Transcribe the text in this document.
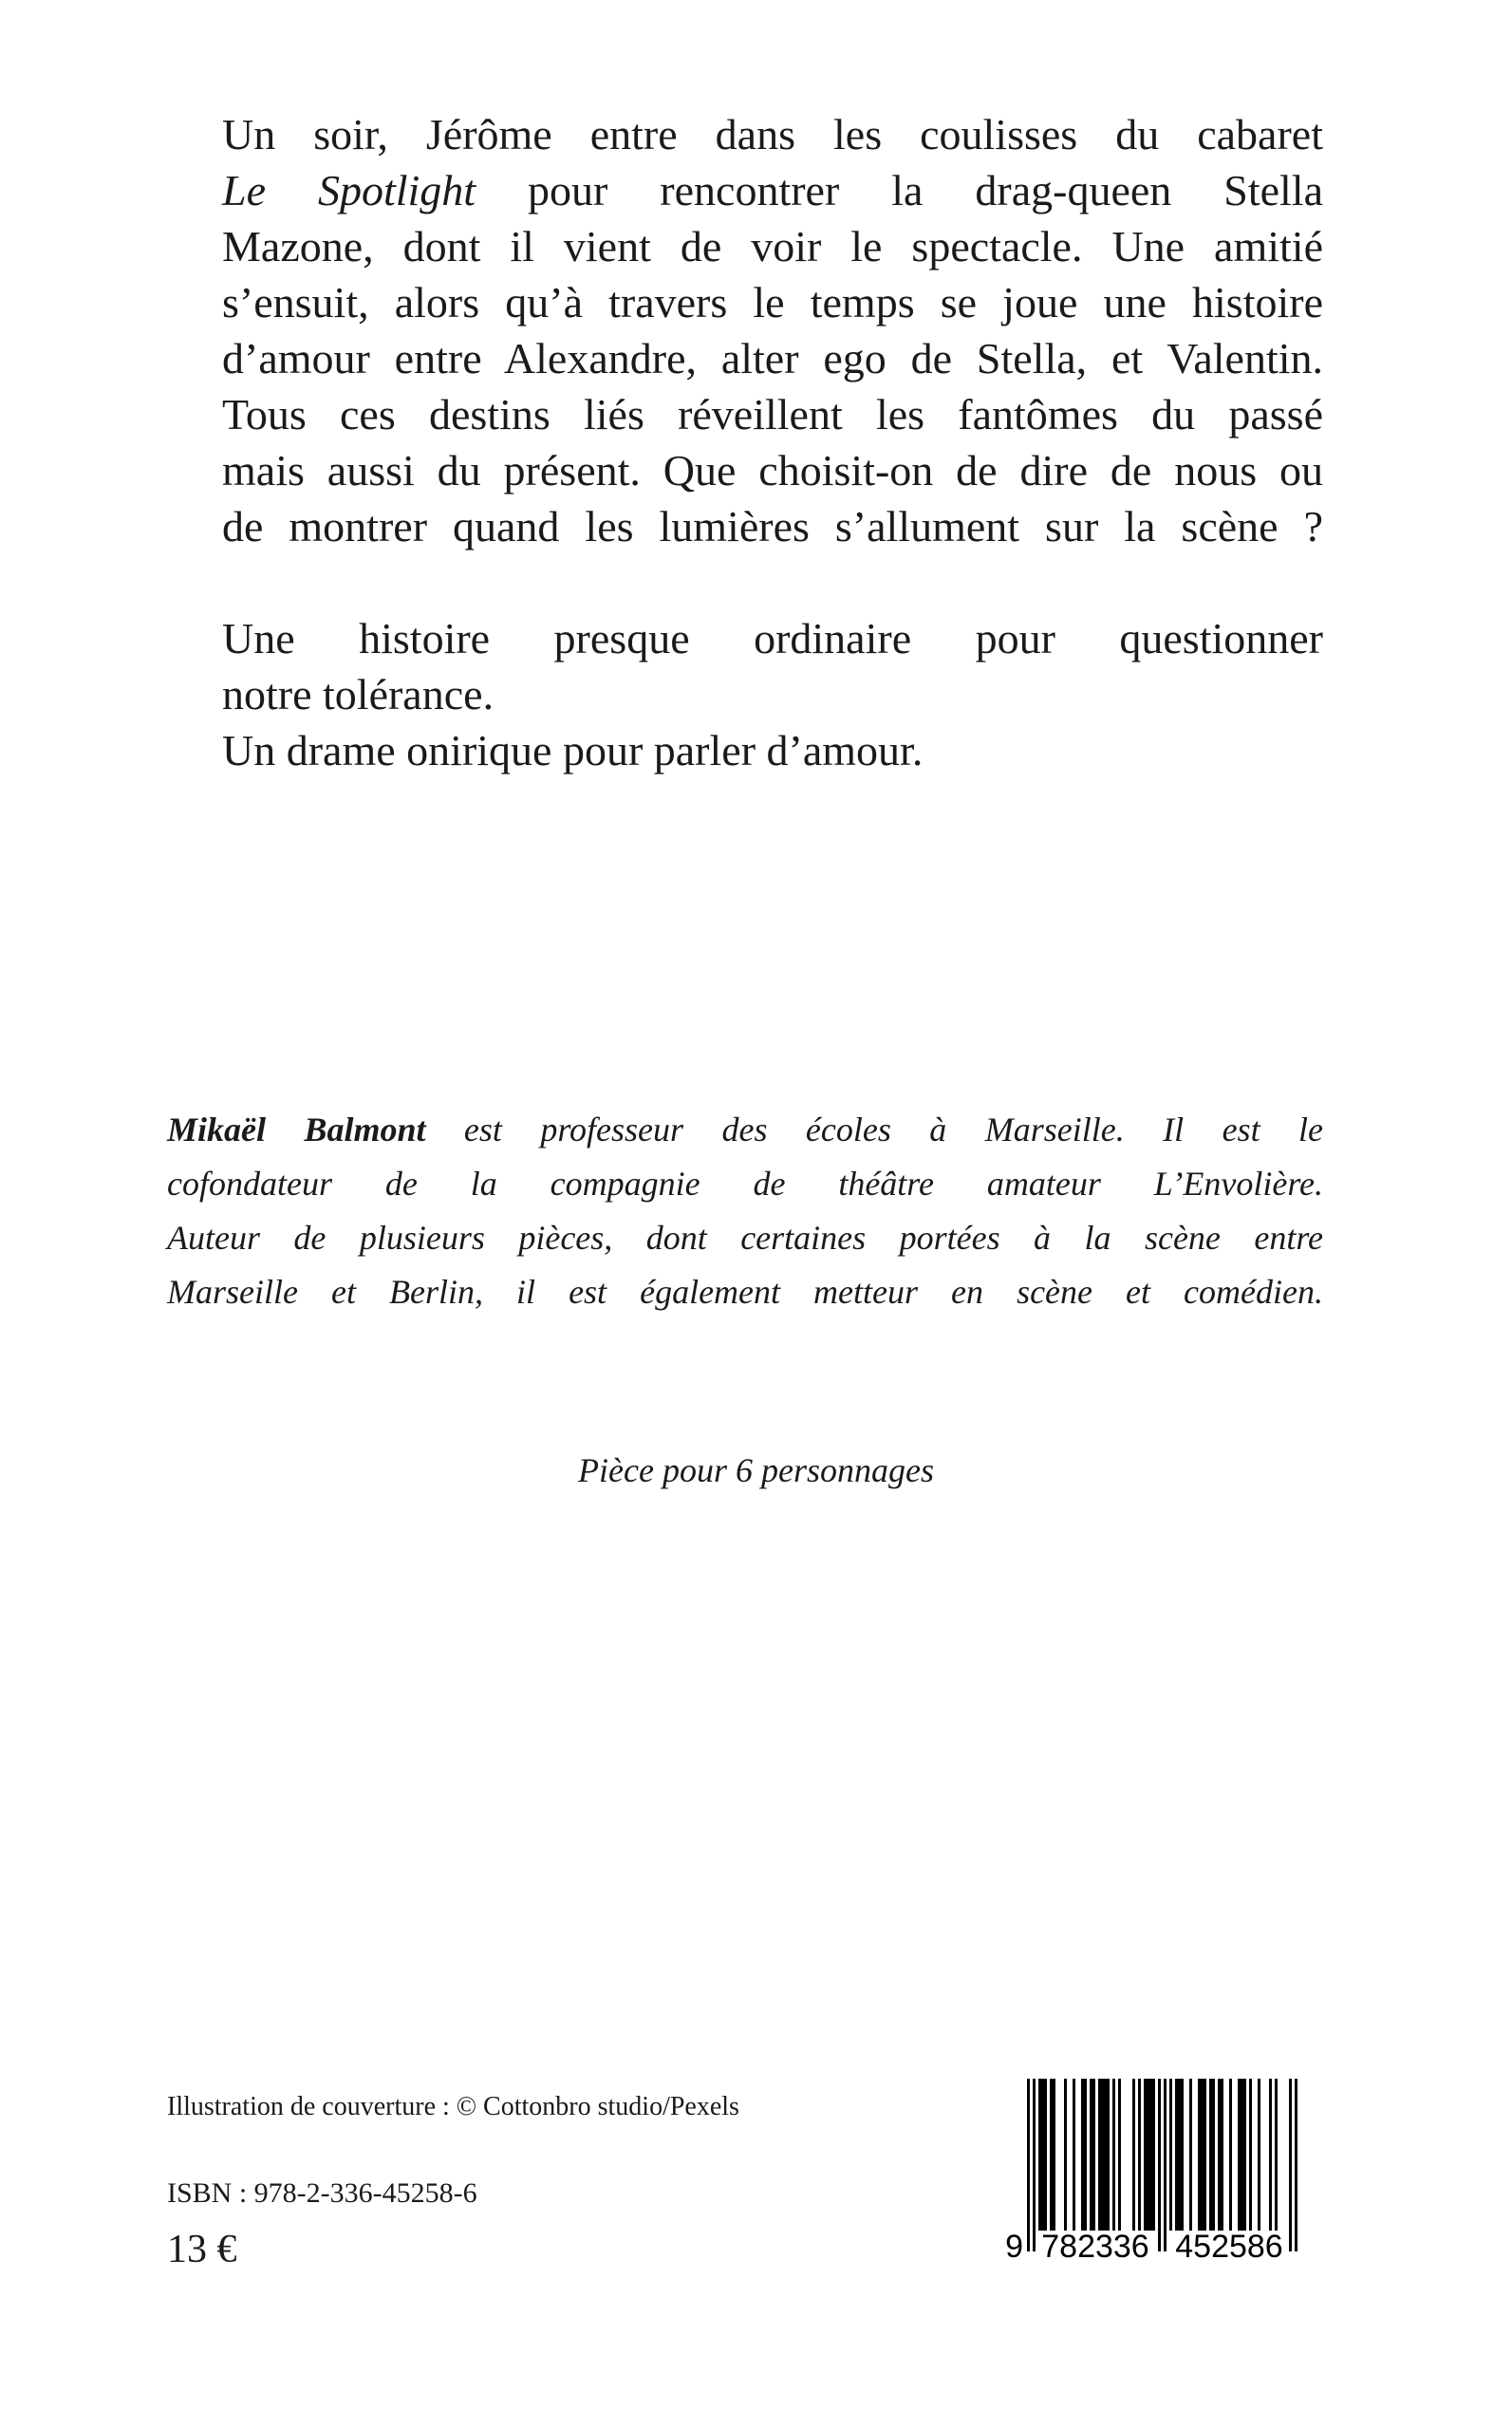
Un soir, Jérôme entre dans les coulisses du cabaret
Le Spotlight pour rencontrer la drag-queen Stella
Mazone, dont il vient de voir le spectacle. Une amitié
s’ensuit, alors qu’à travers le temps se joue une histoire
d’amour entre Alexandre, alter ego de Stella, et Valentin.
Tous ces destins liés réveillent les fantômes du passé
mais aussi du présent. Que choisit-on de dire de nous ou
de montrer quand les lumières s’allument sur la scène ?
Une histoire presque ordinaire pour questionner
notre tolérance.
Un drame onirique pour parler d’amour.
Mikaël Balmont est professeur des écoles à Marseille. Il est le
cofondateur de la compagnie de théâtre amateur L’Envolière.
Auteur de plusieurs pièces, dont certaines portées à la scène entre
Marseille et Berlin, il est également metteur en scène et comédien.
Pièce pour 6 personnages
Illustration de couverture : © Cottonbro studio/Pexels
ISBN : 978-2-336-45258-6
13 €	9 782336 452586
